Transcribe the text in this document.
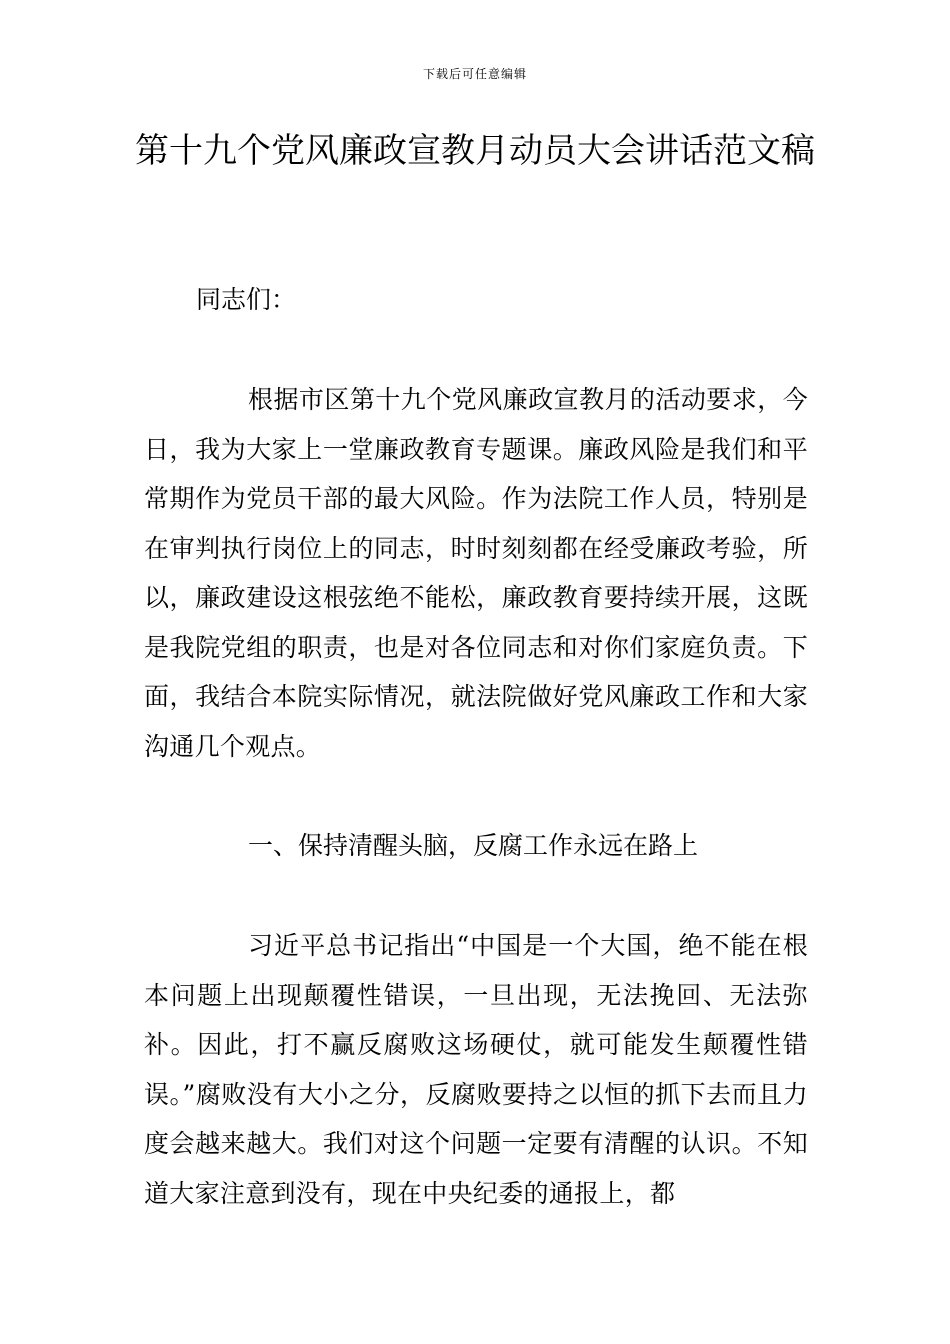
下载后可任意编辑
第十九个党风廉政宣教月动员大会讲话范文稿

同志们：

根据市区第十九个党风廉政宣教月的活动要求，今日，我为大家上一堂廉政教育专题课。廉政风险是我们和平常期作为党员干部的最大风险。作为法院工作人员，特别是在审判执行岗位上的同志，时时刻刻都在经受廉政考验，所以，廉政建设这根弦绝不能松，廉政教育要持续开展，这既是我院党组的职责，也是对各位同志和对你们家庭负责。下面，我结合本院实际情况，就法院做好党风廉政工作和大家沟通几个观点。

一、保持清醒头脑，反腐工作永远在路上

习近平总书记指出“中国是一个大国，绝不能在根本问题上出现颠覆性错误，一旦出现，无法挽回、无法弥补。因此，打不赢反腐败这场硬仗，就可能发生颠覆性错误。”腐败没有大小之分，反腐败要持之以恒的抓下去而且力度会越来越大。我们对这个问题一定要有清醒的认识。不知道大家注意到没有，现在中央纪委的通报上，都
